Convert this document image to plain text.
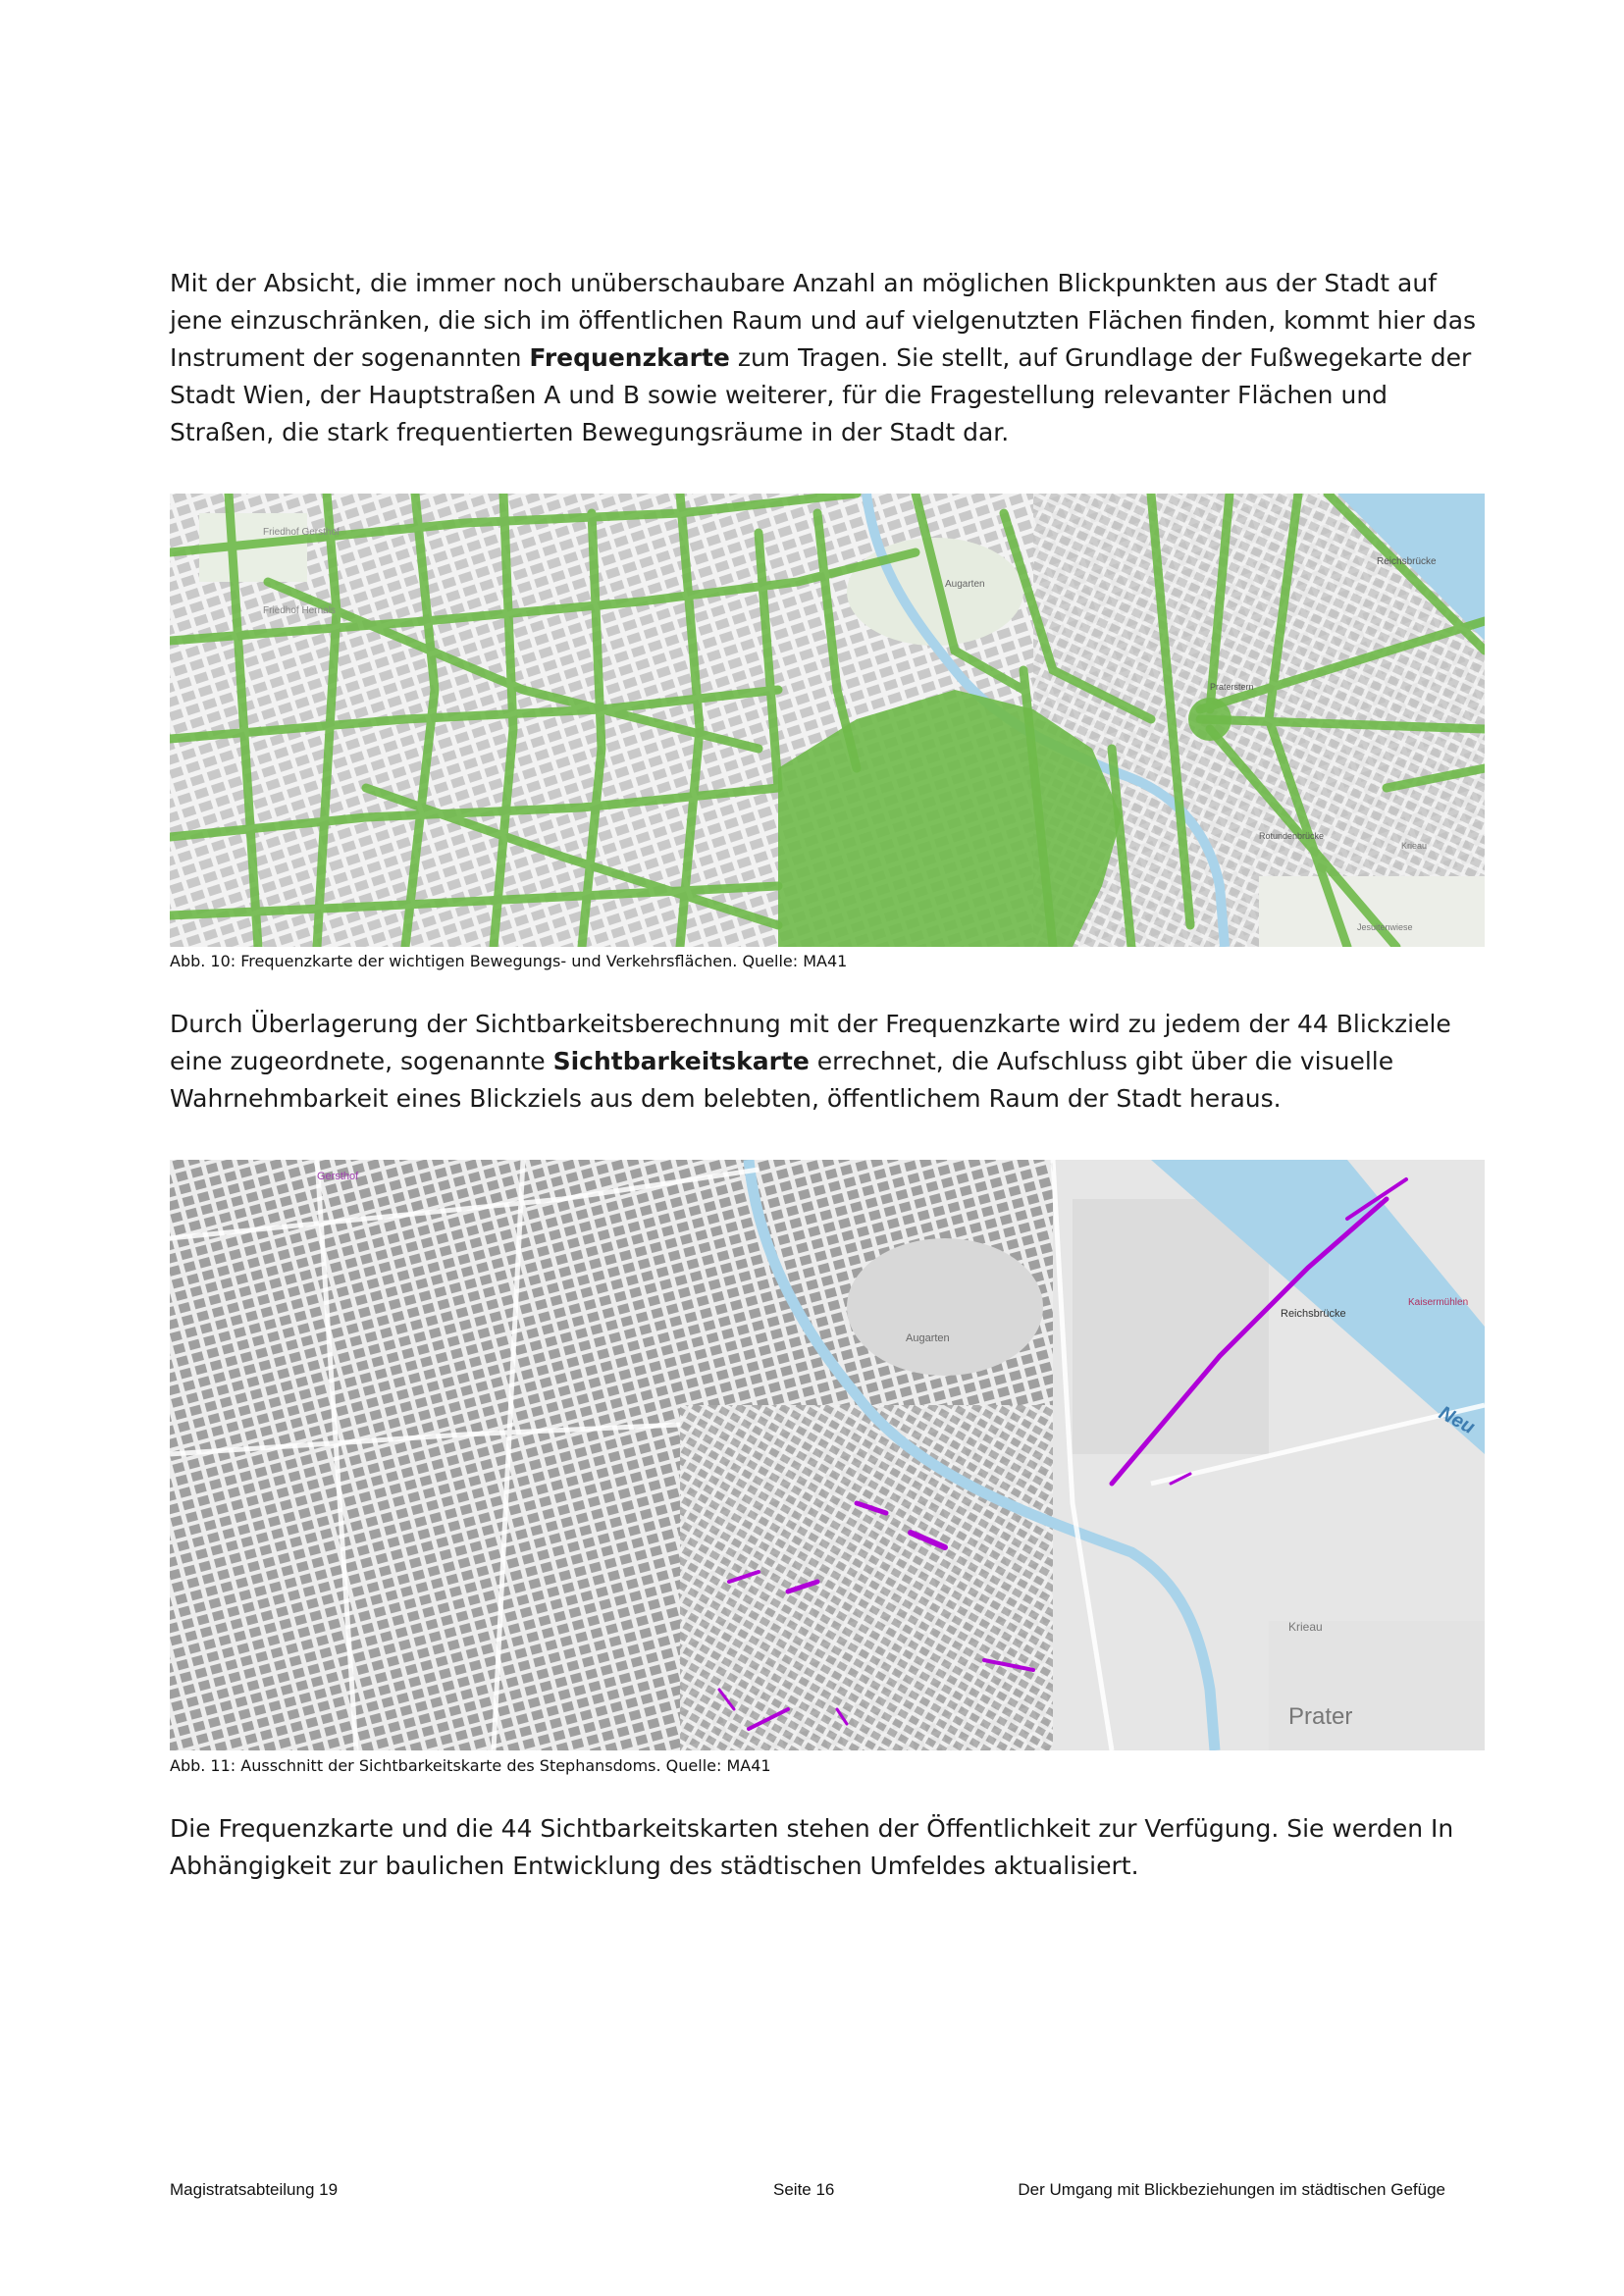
Mit der Absicht, die immer noch unüberschaubare Anzahl an möglichen Blickpunkten aus der Stadt auf jene einzuschränken, die sich im öffentlichen Raum und auf vielgenutzten Flächen finden, kommt hier das Instrument der sogenannten Frequenzkarte zum Tragen. Sie stellt, auf Grundlage der Fußwegekarte der Stadt Wien, der Hauptstraßen A und B sowie weiterer, für die Fragestellung relevanter Flächen und Straßen, die stark frequentierten Bewegungsräume in der Stadt dar.

Friedhof Gersthof
Friedhof Hernals
Augarten
Reichsbrücke
Praterstern
Rotundenbrücke
Jesuitenwiese
Krieau

Abb. 10: Frequenzkarte der wichtigen Bewegungs- und Verkehrsflächen. Quelle: MA41

Durch Überlagerung der Sichtbarkeitsberechnung mit der Frequenzkarte wird zu jedem der 44 Blickziele eine zugeordnete, sogenannte Sichtbarkeitskarte errechnet, die Aufschluss gibt über die visuelle Wahrnehmbarkeit eines Blickziels aus dem belebten, öffentlichem Raum der Stadt heraus.

Gersthof
Augarten
Reichsbrücke
Kaisermühlen
Neu
Krieau
Prater

Abb. 11: Ausschnitt der Sichtbarkeitskarte des Stephansdoms. Quelle: MA41

Die Frequenzkarte und die 44 Sichtbarkeitskarten stehen der Öffentlichkeit zur Verfügung. Sie werden In Abhängigkeit zur baulichen Entwicklung des städtischen Umfeldes aktualisiert.

Magistratsabteilung 19	Seite 16	Der Umgang mit Blickbeziehungen im städtischen Gefüge
